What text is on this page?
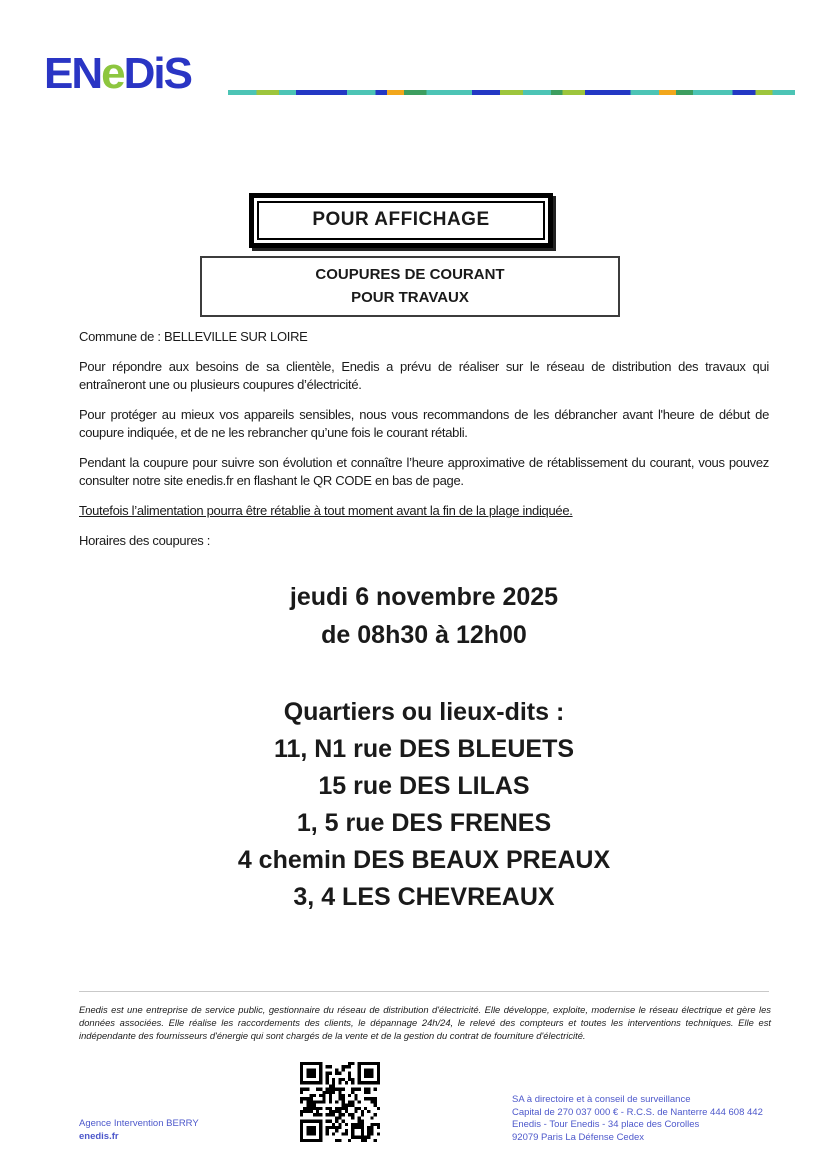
ENeDiS
POUR AFFICHAGE
COUPURES DE COURANT
POUR TRAVAUX

Commune de : BELLEVILLE SUR LOIRE

Pour répondre aux besoins de sa clientèle, Enedis a prévu de réaliser sur le réseau de distribution des travaux qui entraîneront une ou plusieurs coupures d’électricité.

Pour protéger au mieux vos appareils sensibles, nous vous recommandons de les débrancher avant l'heure de début de coupure indiquée, et de ne les rebrancher qu’une fois le courant rétabli.

Pendant la coupure pour suivre son évolution et connaître l’heure approximative de rétablissement du courant, vous pouvez consulter notre site enedis.fr en flashant le QR CODE en bas de page.

Toutefois l’alimentation pourra être rétablie à tout moment avant la fin de la plage indiquée.

Horaires des coupures :

jeudi 6 novembre 2025
de 08h30 à 12h00
Quartiers ou lieux-dits :
11, N1 rue DES BLEUETS
15 rue DES LILAS
1, 5 rue DES FRENES
4 chemin DES BEAUX PREAUX
3, 4 LES CHEVREAUX
Enedis est une entreprise de service public, gestionnaire du réseau de distribution d'électricité. Elle développe, exploite, modernise le réseau électrique et gère les données associées. Elle réalise les raccordements des clients, le dépannage 24h/24, le relevé des compteurs et toutes les interventions techniques. Elle est indépendante des fournisseurs d'énergie qui sont chargés de la vente et de la gestion du contrat de fourniture d'électricité.
Agence Intervention BERRY
enedis.fr
SA à directoire et à conseil de surveillance
Capital de 270 037 000 € - R.C.S. de Nanterre 444 608 442
Enedis - Tour Enedis - 34 place des Corolles
92079 Paris La Défense Cedex
